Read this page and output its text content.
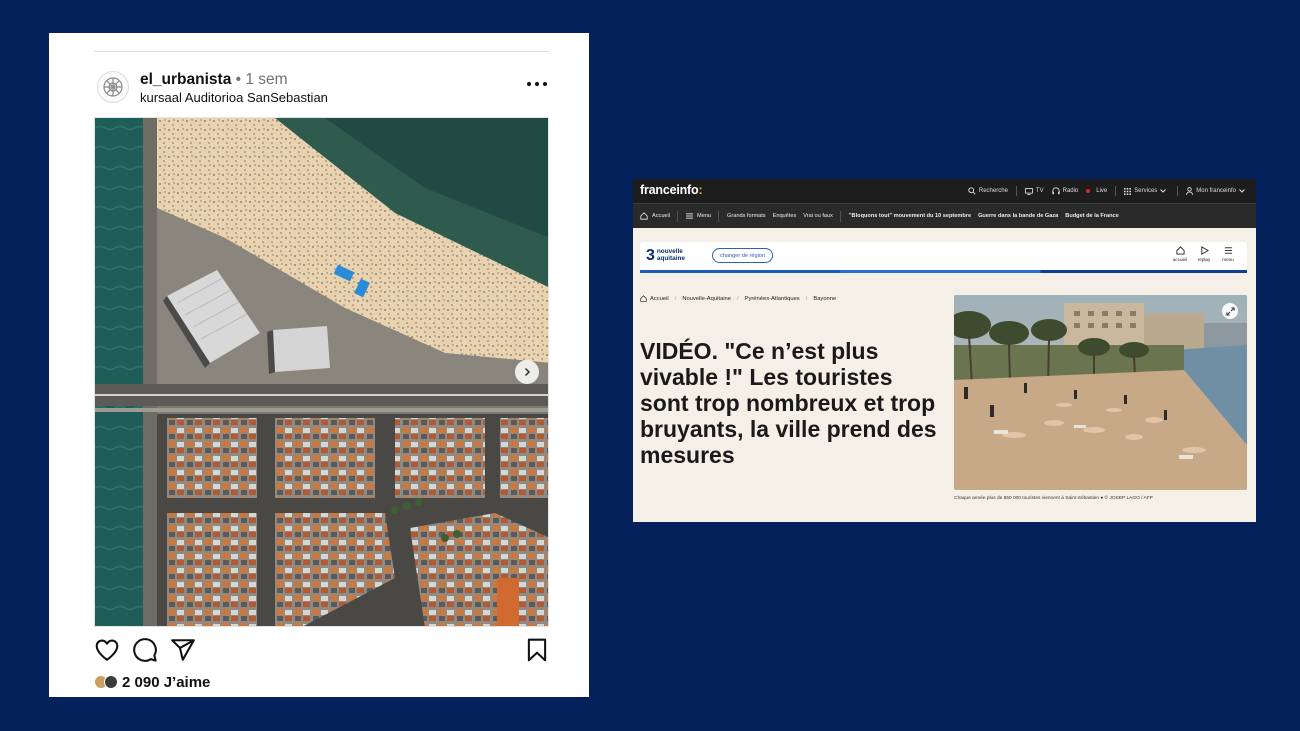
el_urbanista • 1 sem
kursaal Auditorioa SanSebastian
2 090 J’aime
franceinfo:	Recherche	TV	Radio	Live	Services	Mon franceinfo
Accueil	Menu	Grands formats Enquêtes Vrai ou faux	"Bloquons tout" mouvement du 10 septembre Guerre dans la bande de Gaza Budget de la France
3 nouvelle
aquitaine	changer de région
accueil replay	menu
Accueil / Nouvelle-Aquitaine / Pyrénées-Atlantiques / Bayonne
VIDÉO. "Ce n’est plus vivable !" Les touristes sont trop nombreux et trop bruyants, la ville prend des mesures
Chaque année plus de 860 000 touristes viennent à Saint-Sébastien ● © JOSEP LAGO / AFP
